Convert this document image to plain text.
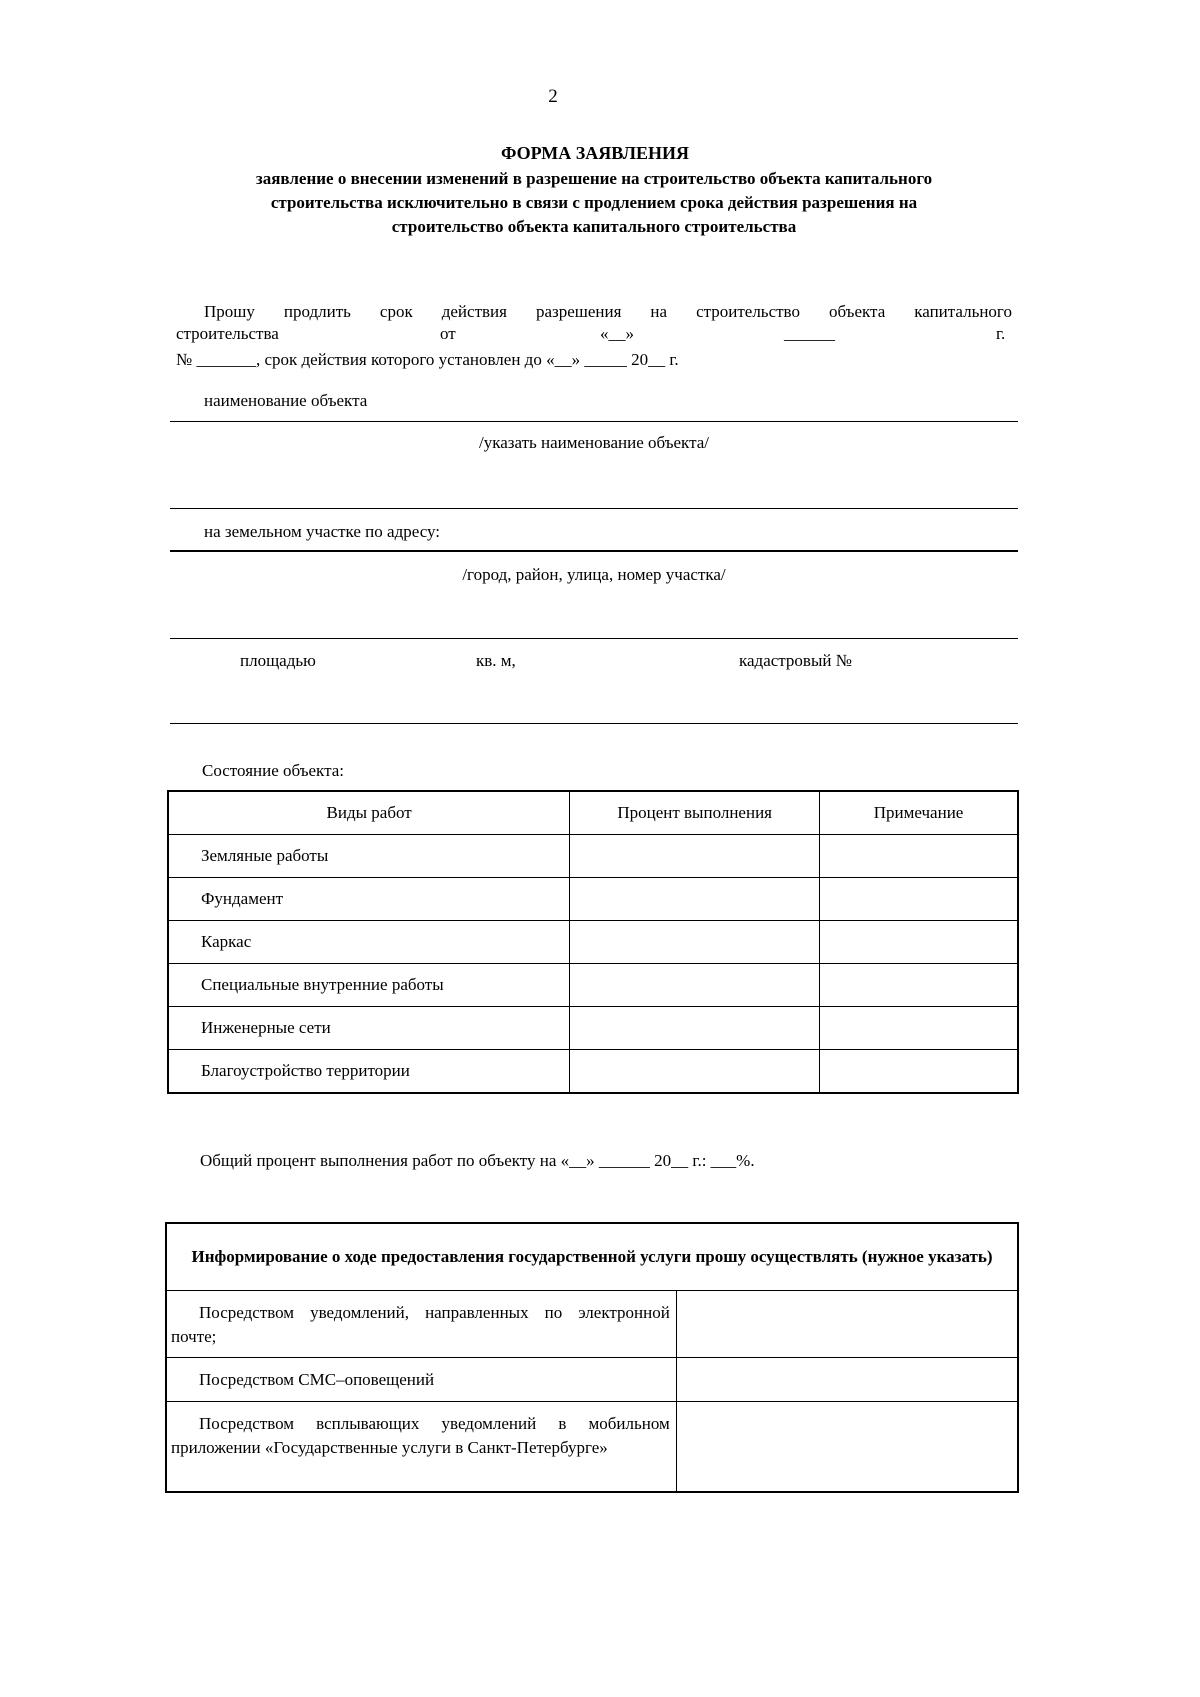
2
ФОРМА ЗАЯВЛЕНИЯ
заявление о внесении изменений в разрешение на строительство объекта капитального
строительства исключительно в связи с продлением срока действия разрешения на
строительство объекта капитального строительства
Прошу продлить срок действия разрешения на строительство объекта капитального
строительства	от	«__»	______	г.
№ _______, срок действия которого установлен до «__» _____ 20__ г.
наименование объекта
/указать наименование объекта/
на земельном участке по адресу:
/город, район, улица, номер участка/
площадью	кв. м,	кадастровый №
Состояние объекта:
Виды работ	Процент выполнения	Примечание
Земляные работы		
Фундамент		
Каркас		
Специальные внутренние работы		
Инженерные сети		
Благоустройство территории		
Общий процент выполнения работ по объекту на «__» ______ 20__ г.: ___%.
Информирование о ходе предоставления государственной услуги прошу осуществлять (нужное указать)	
Посредством уведомлений, направленных по электронной почте;	
Посредством СМС–оповещений	
Посредством всплывающих уведомлений в мобильном приложении «Государственные услуги в Санкт-Петербурге»	
